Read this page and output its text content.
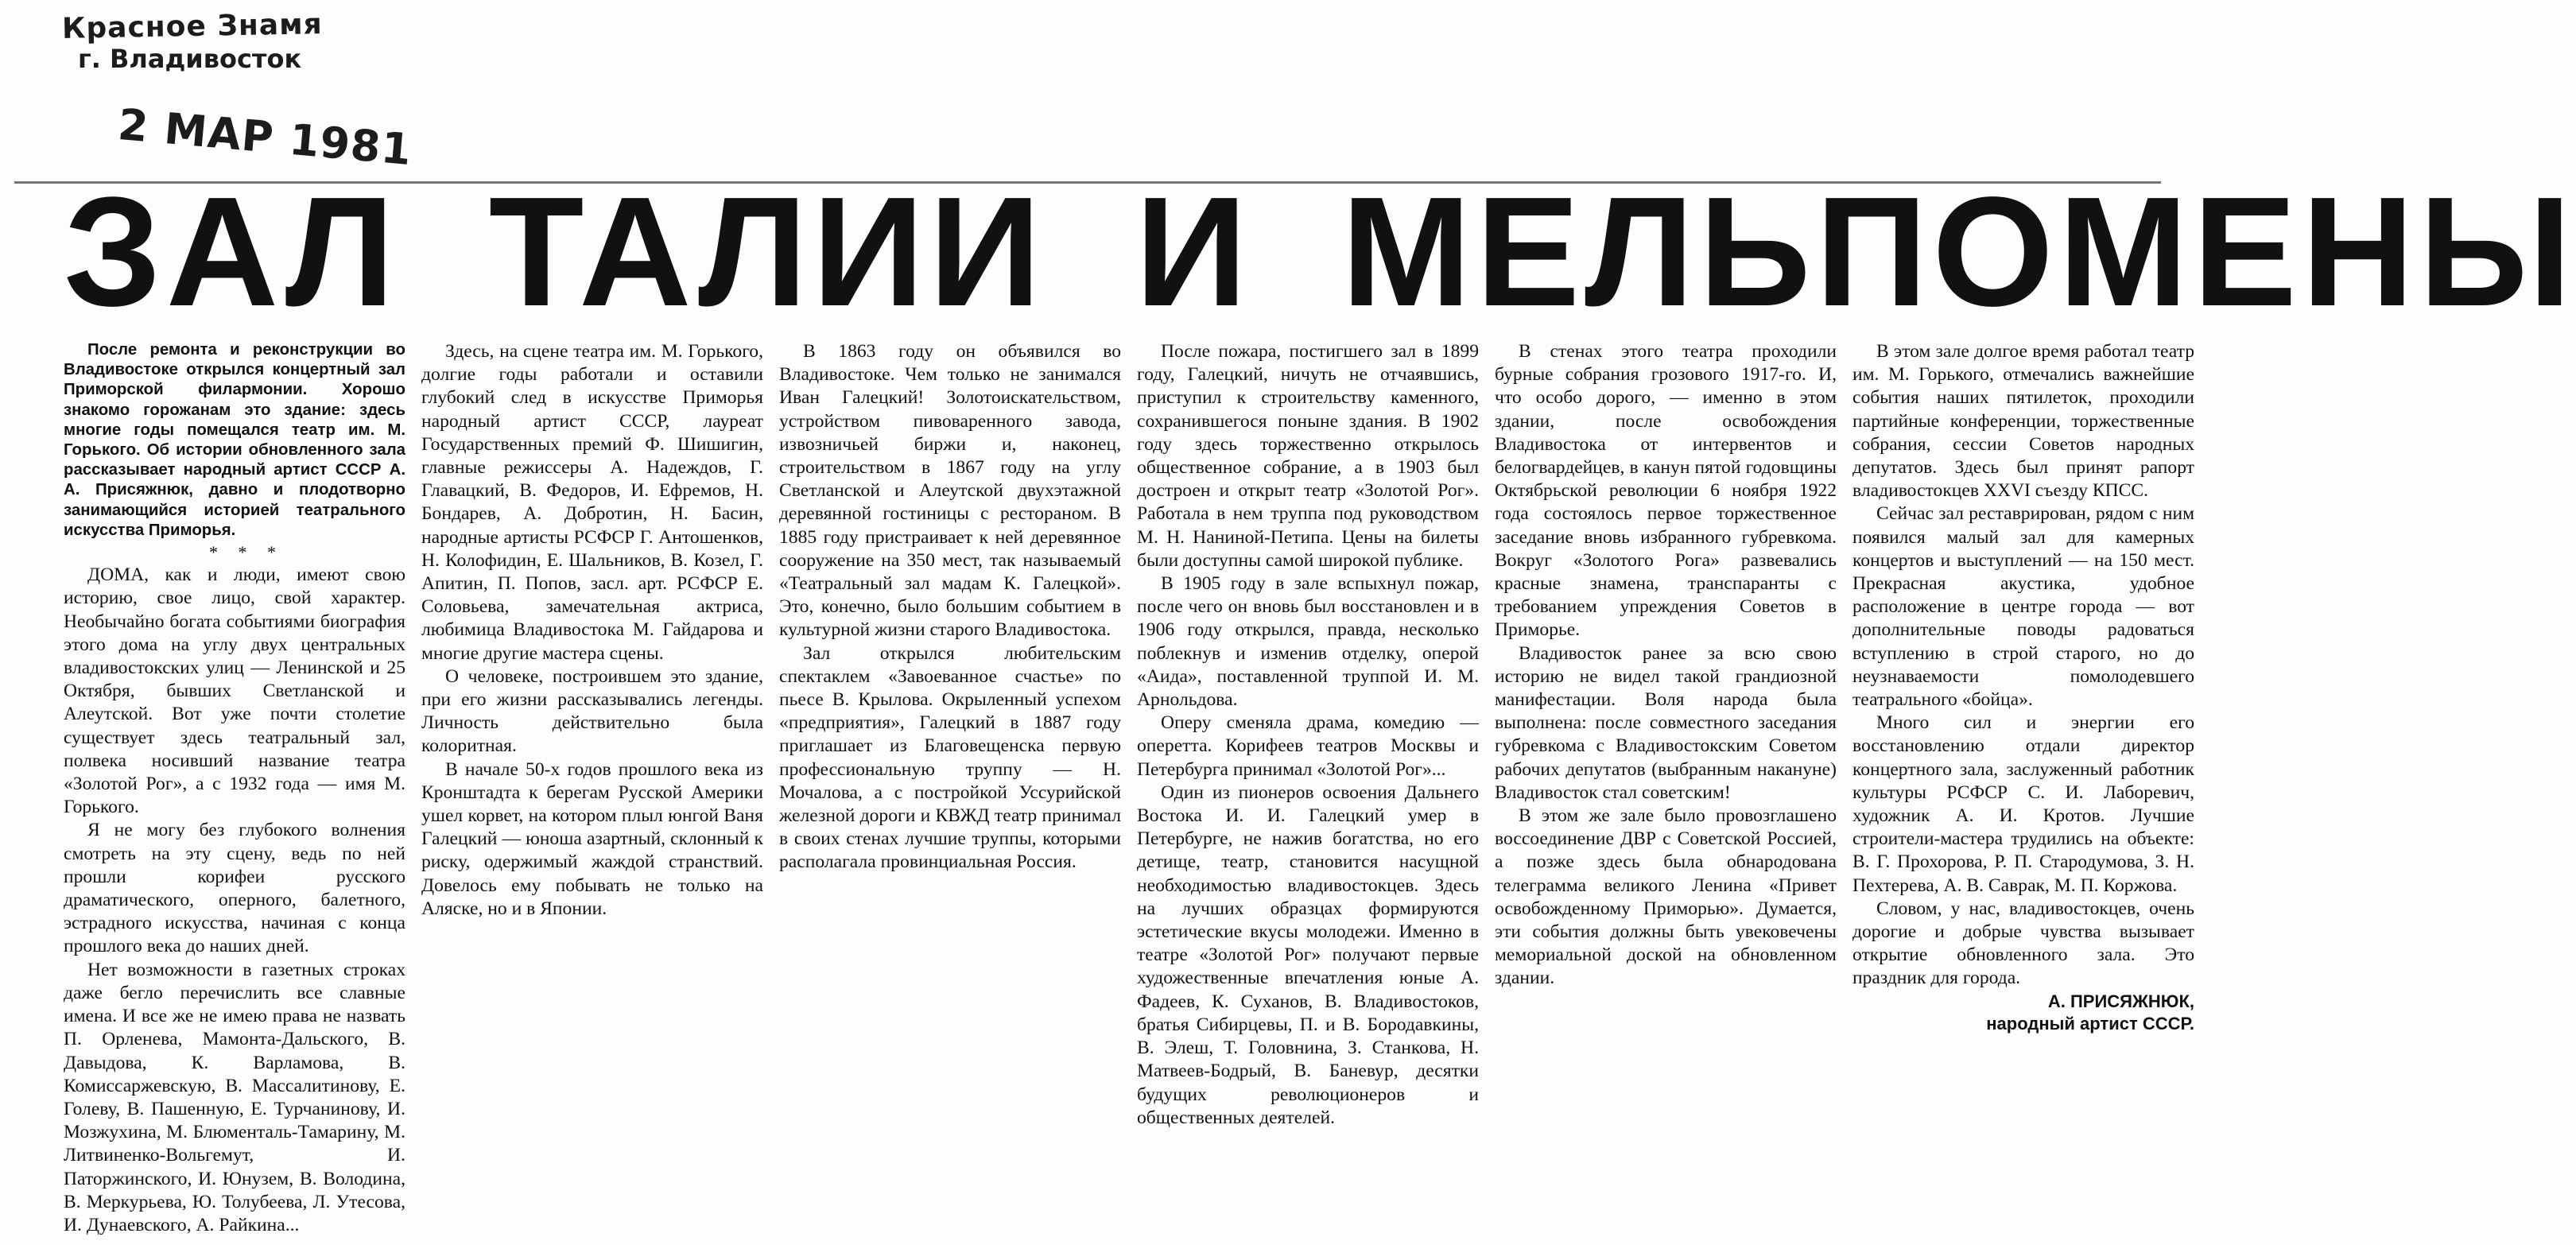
Красное Знамя
г. Владивосток
2 МАР 1981
ЗАЛ ТАЛИИ И МЕЛЬПОМЕНЫ

После ремонта и реконструкции во Владивостоке открылся концертный зал Приморской филармонии. Хорошо знакомо горожанам это здание: здесь многие годы помещался театр им. М. Горького. Об истории обновленного зала рассказывает народный артист СССР А. А. Присяжнюк, давно и плодотворно занимающийся историей театрального искусства Приморья.

* * *

ДОМА, как и люди, имеют свою историю, свое лицо, свой характер. Необычайно богата событиями биография этого дома на углу двух центральных владивостокских улиц — Ленинской и 25 Октября, бывших Светланской и Алеутской. Вот уже почти столетие существует здесь театральный зал, полвека носивший название театра «Золотой Рог», а с 1932 года — имя М. Горького.

Я не могу без глубокого волнения смотреть на эту сцену, ведь по ней прошли корифеи русского драматического, оперного, балетного, эстрадного искусства, начиная с конца прошлого века до наших дней.

Нет возможности в газетных строках даже бегло перечислить все славные имена. И все же не имею права не назвать П. Орленева, Мамонта-Дальского, В. Давыдова, К. Варламова, В. Комиссаржевскую, В. Массалитинову, Е. Голеву, В. Пашенную, Е. Турчанинову, И. Мозжухина, М. Блюменталь-Тамарину, М. Литвиненко-Вольгемут, И. Паторжинского, И. Юнузем, В. Володина, В. Меркурьева, Ю. Толубеева, Л. Утесова, И. Дунаевского, А. Райкина...

Здесь, на сцене театра им. М. Горького, долгие годы работали и оставили глубокий след в искусстве Приморья народный артист СССР, лауреат Государственных премий Ф. Шишигин, главные режиссеры А. Надеждов, Г. Главацкий, В. Федоров, И. Ефремов, Н. Бондарев, А. Добротин, Н. Басин, народные артисты РСФСР Г. Антошенков, Н. Колофидин, Е. Шальников, В. Козел, Г. Апитин, П. Попов, засл. арт. РСФСР Е. Соловьева, замечательная актриса, любимица Владивостока М. Гайдарова и многие другие мастера сцены.

О человеке, построившем это здание, при его жизни рассказывались легенды. Личность действительно была колоритная.

В начале 50-х годов прошлого века из Кронштадта к берегам Русской Америки ушел корвет, на котором плыл юнгой Ваня Галецкий — юноша азартный, склонный к риску, одержимый жаждой странствий. Довелось ему побывать не только на Аляске, но и в Японии.

В 1863 году он объявился во Владивостоке. Чем только не занимался Иван Галецкий! Золотоискательством, устройством пивоваренного завода, извозничьей биржи и, наконец, строительством в 1867 году на углу Светланской и Алеутской двухэтажной деревянной гостиницы с рестораном. В 1885 году пристраивает к ней деревянное сооружение на 350 мест, так называемый «Театральный зал мадам К. Галецкой». Это, конечно, было большим событием в культурной жизни старого Владивостока.

Зал открылся любительским спектаклем «Завоеванное счастье» по пьесе В. Крылова. Окрыленный успехом «предприятия», Галецкий в 1887 году приглашает из Благовещенска первую профессиональную труппу — Н. Мочалова, а с постройкой Уссурийской железной дороги и КВЖД театр принимал в своих стенах лучшие труппы, которыми располагала провинциальная Россия.

После пожара, постигшего зал в 1899 году, Галецкий, ничуть не отчаявшись, приступил к строительству каменного, сохранившегося поныне здания. В 1902 году здесь торжественно открылось общественное собрание, а в 1903 был достроен и открыт театр «Золотой Рог». Работала в нем труппа под руководством М. Н. Наниной-Петипа. Цены на билеты были доступны самой широкой публике.

В 1905 году в зале вспыхнул пожар, после чего он вновь был восстановлен и в 1906 году открылся, правда, несколько поблекнув и изменив отделку, оперой «Аида», поставленной труппой И. М. Арнольдова.

Оперу сменяла драма, комедию — оперетта. Корифеев театров Москвы и Петербурга принимал «Золотой Рог»...

Один из пионеров освоения Дальнего Востока И. И. Галецкий умер в Петербурге, не нажив богатства, но его детище, театр, становится насущной необходимостью владивостокцев. Здесь на лучших образцах формируются эстетические вкусы молодежи. Именно в театре «Золотой Рог» получают первые художественные впечатления юные А. Фадеев, К. Суханов, В. Владивостоков, братья Сибирцевы, П. и В. Бородавкины, В. Элеш, Т. Головнина, З. Станкова, Н. Матвеев-Бодрый, В. Баневур, десятки будущих революционеров и общественных деятелей.

В стенах этого театра проходили бурные собрания грозового 1917-го. И, что особо дорого, — именно в этом здании, после освобождения Владивостока от интервентов и белогвардейцев, в канун пятой годовщины Октябрьской революции 6 ноября 1922 года состоялось первое торжественное заседание вновь избранного губревкома. Вокруг «Золотого Рога» развевались красные знамена, транспаранты с требованием упреждения Советов в Приморье.

Владивосток ранее за всю свою историю не видел такой грандиозной манифестации. Воля народа была выполнена: после совместного заседания губревкома с Владивостокским Советом рабочих депутатов (выбранным накануне) Владивосток стал советским!

В этом же зале было провозглашено воссоединение ДВР с Советской Россией, а позже здесь была обнародована телеграмма великого Ленина «Привет освобожденному Приморью». Думается, эти события должны быть увековечены мемориальной доской на обновленном здании.

В этом зале долгое время работал театр им. М. Горького, отмечались важнейшие события наших пятилеток, проходили партийные конференции, торжественные собрания, сессии Советов народных депутатов. Здесь был принят рапорт владивостокцев XXVI съезду КПСС.

Сейчас зал реставрирован, рядом с ним появился малый зал для камерных концертов и выступлений — на 150 мест. Прекрасная акустика, удобное расположение в центре города — вот дополнительные поводы радоваться вступлению в строй старого, но до неузнаваемости помолодевшего театрального «бойца».

Много сил и энергии его восстановлению отдали директор концертного зала, заслуженный работник культуры РСФСР С. И. Лаборевич, художник А. И. Кротов. Лучшие строители-мастера трудились на объекте: В. Г. Прохорова, Р. П. Стародумова, З. Н. Пехтерева, А. В. Саврак, М. П. Коржова.

Словом, у нас, владивостокцев, очень дорогие и добрые чувства вызывает открытие обновленного зала. Это праздник для города.

А. ПРИСЯЖНЮК,

народный артист СССР.
